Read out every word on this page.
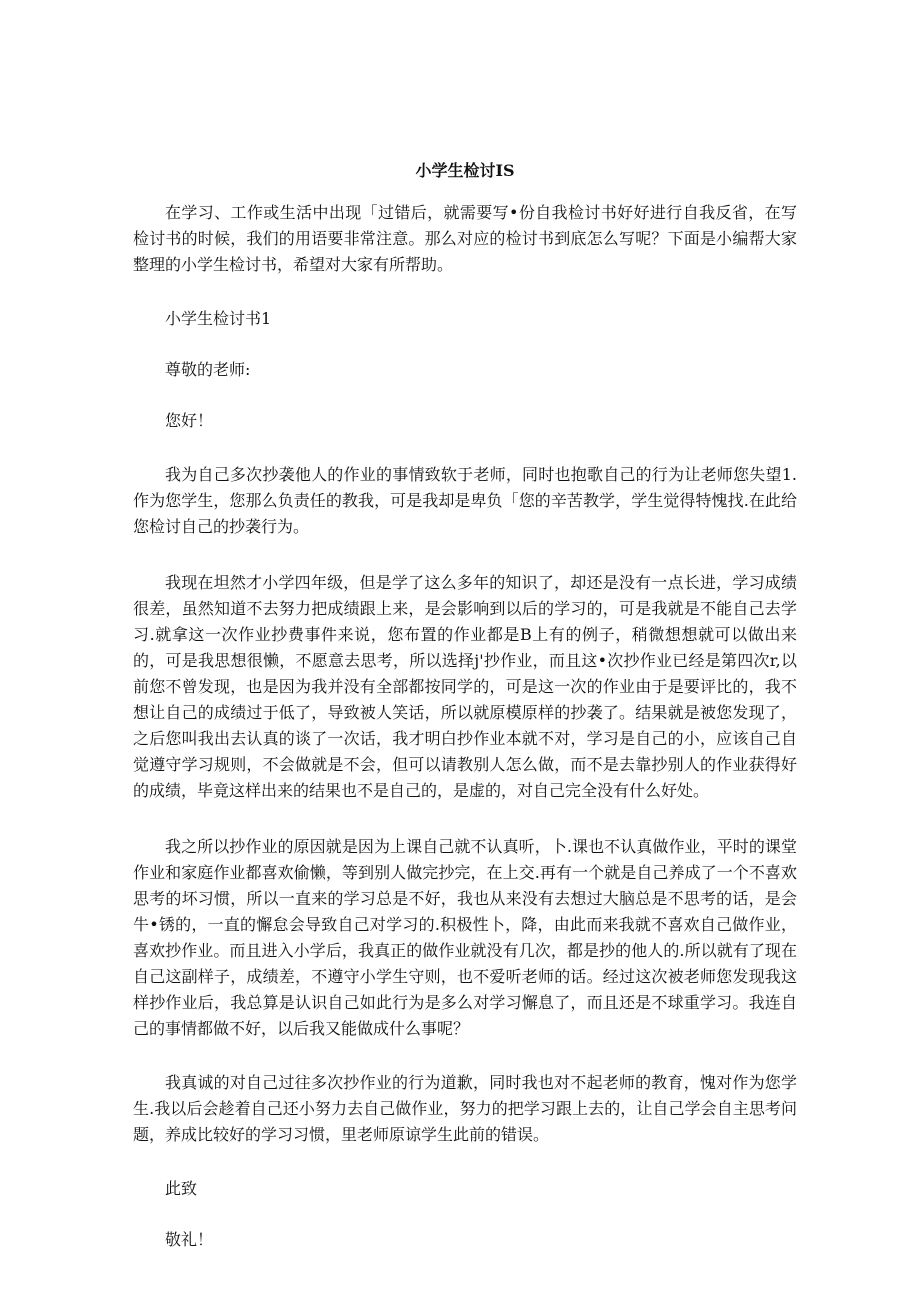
小学生检讨IS

在学习、工作或生活中出现「过错后，就需要写•份自我检讨书好好进行自我反省，在写检讨书的时候，我们的用语要非常注意。那么对应的检讨书到底怎么写呢？下面是小编帮大家整理的小学生检讨书，希望对大家有所帮助。

小学生检讨书1

尊敬的老师:

您好！

我为自己多次抄袭他人的作业的事情致软于老师，同时也抱歌自己的行为让老师您失望1.作为您学生，您那么负责任的教我，可是我却是卑负「您的辛苦教学，学生觉得特愧找.在此给您检讨自己的抄袭行为。

我现在坦然才小学四年级，但是学了这么多年的知识了，却还是没有一点长进，学习成绩很差，虽然知道不去努力把成绩跟上来，是会影响到以后的学习的，可是我就是不能自己去学习.就拿这一次作业抄费事件来说，您布置的作业都是B上有的例子，稍微想想就可以做出来的，可是我思想很懒，不愿意去思考，所以选择j'抄作业，而且这•次抄作业已经是第四次r,以前您不曾发现，也是因为我并没有全部都按同学的，可是这一次的作业由于是要评比的，我不想让自己的成绩过于低了，导致被人笑话，所以就原模原样的抄袭了。结果就是被您发现了，之后您叫我出去认真的谈了一次话，我才明白抄作业本就不对，学习是自己的小，应该自己自觉遵守学习规则，不会做就是不会，但可以请教别人怎么做，而不是去靠抄别人的作业获得好的成绩，毕竟这样出来的结果也不是自己的，是虚的，对自己完全没有什么好处。

我之所以抄作业的原因就是因为上课自己就不认真听，卜.课也不认真做作业，平时的课堂作业和家庭作业都喜欢偷懒，等到别人做完抄完，在上交.再有一个就是自己养成了一个不喜欢思考的坏习惯，所以一直来的学习总是不好，我也从来没有去想过大脑总是不思考的话，是会牛•锈的，一直的懈怠会导致自己对学习的.积极性卜，降，由此而来我就不喜欢自己做作业，喜欢抄作业。而且进入小学后，我真正的做作业就没有几次，都是抄的他人的.所以就有了现在自己这副样子，成绩差，不遵守小学生守则，也不爱听老师的话。经过这次被老师您发现我这样抄作业后，我总算是认识自己如此行为是多么对学习懈息了，而且还是不球重学习。我连自己的事情都做不好，以后我又能做成什么事呢？

我真诚的对自己过往多次抄作业的行为道歉，同时我也对不起老师的教育，愧对作为您学生.我以后会趁着自己还小努力去自己做作业，努力的把学习跟上去的，让自己学会自主思考问题，养成比较好的学习习惯，里老师原谅学生此前的错误。

此致

敬礼！
